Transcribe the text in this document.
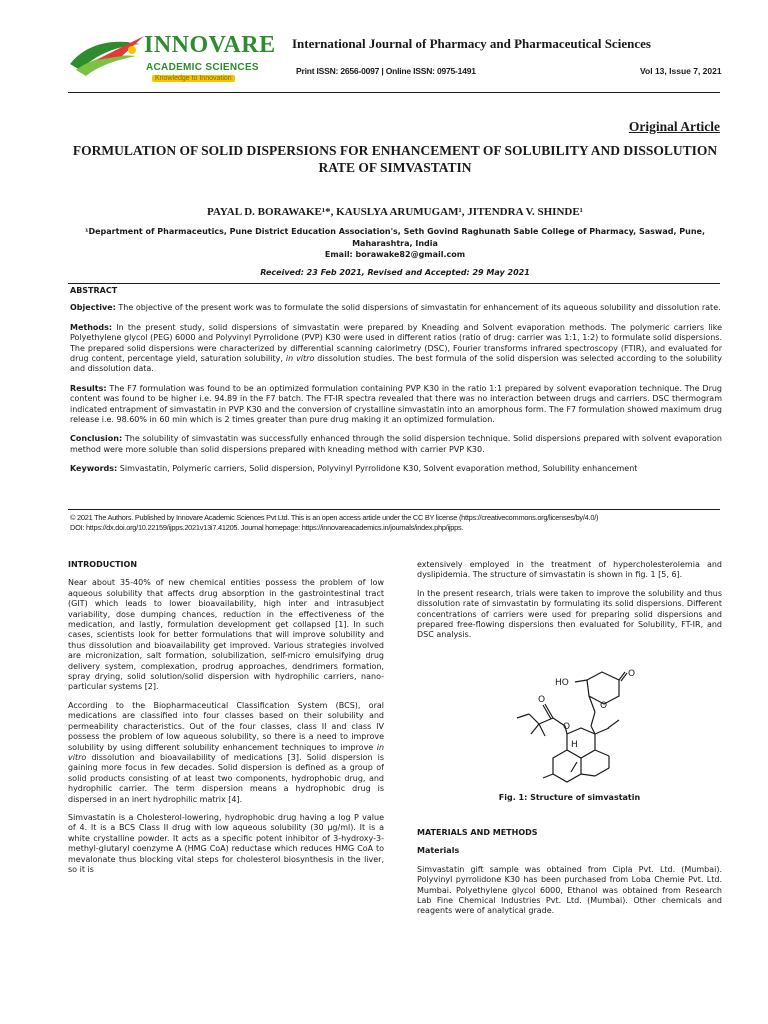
INNOVARE
ACADEMIC SCIENCES
Knowledge to Innovation
International Journal of Pharmacy and Pharmaceutical Sciences
Print ISSN: 2656-0097 | Online ISSN: 0975-1491	Vol 13, Issue 7, 2021
Original Article
FORMULATION OF SOLID DISPERSIONS FOR ENHANCEMENT OF SOLUBILITY AND DISSOLUTION RATE OF SIMVASTATIN
PAYAL D. BORAWAKE¹*, KAUSLYA ARUMUGAM¹, JITENDRA V. SHINDE¹
¹Department of Pharmaceutics, Pune District Education Association's, Seth Govind Raghunath Sable College of Pharmacy, Saswad, Pune, Maharashtra, India
Email: borawake82@gmail.com
Received: 23 Feb 2021, Revised and Accepted: 29 May 2021

ABSTRACT

Objective: The objective of the present work was to formulate the solid dispersions of simvastatin for enhancement of its aqueous solubility and dissolution rate.

Methods: In the present study, solid dispersions of simvastatin were prepared by Kneading and Solvent evaporation methods. The polymeric carriers like Polyethylene glycol (PEG) 6000 and Polyvinyl Pyrrolidone (PVP) K30 were used in different ratios (ratio of drug: carrier was 1:1, 1:2) to formulate solid dispersions. The prepared solid dispersions were characterized by differential scanning calorimetry (DSC), Fourier transforms infrared spectroscopy (FTIR), and evaluated for drug content, percentage yield, saturation solubility, in vitro dissolution studies. The best formula of the solid dispersion was selected according to the solubility and dissolution data.

Results: The F7 formulation was found to be an optimized formulation containing PVP K30 in the ratio 1:1 prepared by solvent evaporation technique. The Drug content was found to be higher i.e. 94.89 in the F7 batch. The FT-IR spectra revealed that there was no interaction between drugs and carriers. DSC thermogram indicated entrapment of simvastatin in PVP K30 and the conversion of crystalline simvastatin into an amorphous form. The F7 formulation showed maximum drug release i.e. 98.60% in 60 min which is 2 times greater than pure drug making it an optimized formulation.

Conclusion: The solubility of simvastatin was successfully enhanced through the solid dispersion technique. Solid dispersions prepared with solvent evaporation method were more soluble than solid dispersions prepared with kneading method with carrier PVP K30.

Keywords: Simvastatin, Polymeric carriers, Solid dispersion, Polyvinyl Pyrrolidone K30, Solvent evaporation method, Solubility enhancement

© 2021 The Authors. Published by Innovare Academic Sciences Pvt Ltd. This is an open access article under the CC BY license (https://creativecommons.org/licenses/by/4.0/)
DOI: https://dx.doi.org/10.22159/ijpps.2021v13i7.41205. Journal homepage: https://innovareacademics.in/journals/index.php/ijpps.

INTRODUCTION

Near about 35-40% of new chemical entities possess the problem of low aqueous solubility that affects drug absorption in the gastrointestinal tract (GIT) which leads to lower bioavailability, high inter and intrasubject variability, dose dumping chances, reduction in the effectiveness of the medication, and lastly, formulation development get collapsed [1]. In such cases, scientists look for better formulations that will improve solubility and thus dissolution and bioavailability get improved. Various strategies involved are micronization, salt formation, solubilization, self-micro emulsifying drug delivery system, complexation, prodrug approaches, dendrimers formation, spray drying, solid solution/solid dispersion with hydrophilic carriers, nano-particular systems [2].

According to the Biopharmaceutical Classification System (BCS), oral medications are classified into four classes based on their solubility and permeability characteristics. Out of the four classes, class II and class IV possess the problem of low aqueous solubility, so there is a need to improve solubility by using different solubility enhancement techniques to improve in vitro dissolution and bioavailability of medications [3]. Solid dispersion is gaining more focus in few decades. Solid dispersion is defined as a group of solid products consisting of at least two components, hydrophobic drug, and hydrophilic carrier. The term dispersion means a hydrophobic drug is dispersed in an inert hydrophilic matrix [4].

Simvastatin is a Cholesterol-lowering, hydrophobic drug having a log P value of 4. It is a BCS Class II drug with low aqueous solubility (30 µg/ml). It is a white crystalline powder. It acts as a specific potent inhibitor of 3-hydroxy-3-methyl-glutaryl coenzyme A (HMG CoA) reductase which reduces HMG CoA to mevalonate thus blocking vital steps for cholesterol biosynthesis in the liver, so it is

extensively employed in the treatment of hypercholesterolemia and dyslipidemia. The structure of simvastatin is shown in fig. 1 [5, 6].

In the present research, trials were taken to improve the solubility and thus dissolution rate of simvastatin by formulating its solid dispersions. Different concentrations of carriers were used for preparing solid dispersions and prepared free-flowing dispersions then evaluated for Solubility, FT-IR, and DSC analysis.

HO
O
O
O
O
H
Fig. 1: Structure of simvastatin

MATERIALS AND METHODS

Materials

Simvastatin gift sample was obtained from Cipla Pvt. Ltd. (Mumbai). Polyvinyl pyrrolidone K30 has been purchased from Loba Chemie Pvt. Ltd. Mumbai. Polyethylene glycol 6000, Ethanol was obtained from Research Lab Fine Chemical Industries Pvt. Ltd. (Mumbai). Other chemicals and reagents were of analytical grade.
